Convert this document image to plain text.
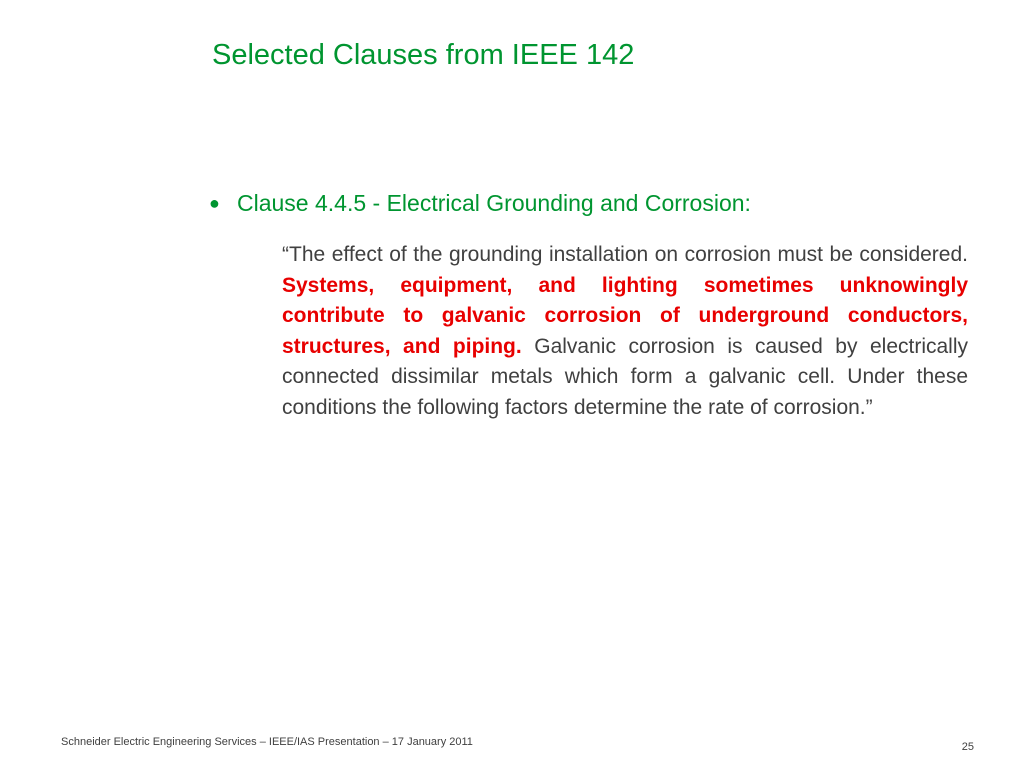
Selected Clauses from IEEE 142
● Clause 4.4.5 - Electrical Grounding and Corrosion:
“The effect of the grounding installation on corrosion must be considered. Systems, equipment, and lighting sometimes unknowingly contribute to galvanic corrosion of underground conductors, structures, and piping. Galvanic corrosion is caused by electrically connected dissimilar metals which form a galvanic cell. Under these conditions the following factors determine the rate of corrosion.”
Schneider Electric Engineering Services – IEEE/IAS Presentation – 17 January 2011	25
